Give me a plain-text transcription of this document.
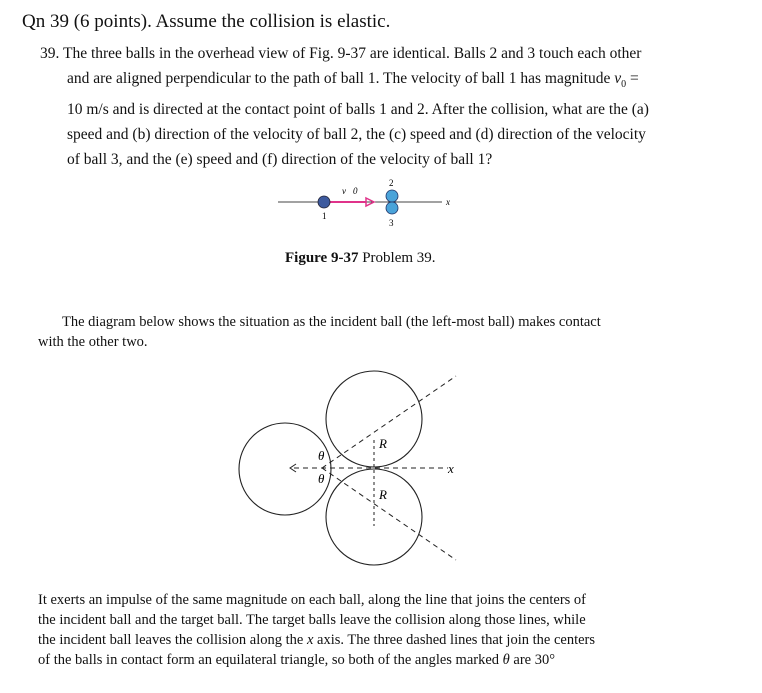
Qn 39 (6 points). Assume the collision is elastic.
39. The three balls in the overhead view of Fig. 9-37 are identical. Balls 2 and 3 touch each other
and are aligned perpendicular to the path of ball 1. The velocity of ball 1 has magnitude $v_0$ =
10 m/s and is directed at the contact point of balls 1 and 2. After the collision, what are the (a)
speed and (b) direction of the velocity of ball 2, the (c) speed and (d) direction of the velocity
of ball 3, and the (e) speed and (f) direction of the velocity of ball 1?
v⃗0
1
2
3
x
Figure 9-37 Problem 39.
The diagram below shows the situation as the incident ball (the left-most ball) makes contact
with the other two.
x
θ
θ
R
R
It exerts an impulse of the same magnitude on each ball, along the line that joins the centers of
the incident ball and the target ball. The target balls leave the collision along those lines, while
the incident ball leaves the collision along the x axis. The three dashed lines that join the centers
of the balls in contact form an equilateral triangle, so both of the angles marked θ are 30°
